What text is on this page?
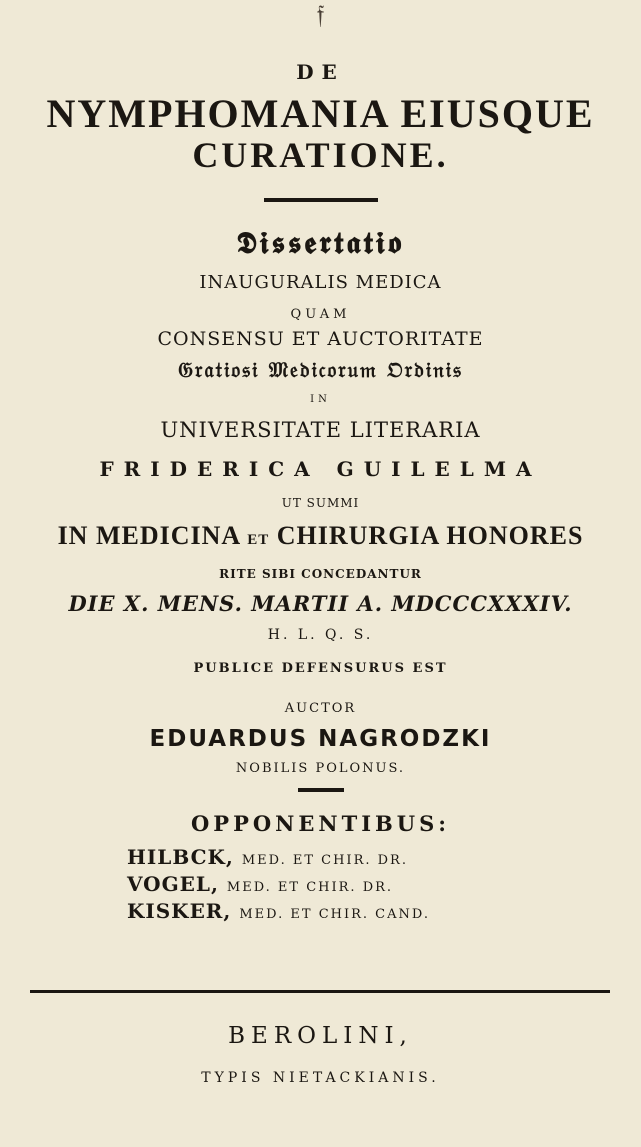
𝔣
DE
NYMPHOMANIA EIUSQUE
CURATIONE.
𝕯𝖎𝖘𝖘𝖊𝖗𝖙𝖆𝖙𝖎𝖔
INAUGURALIS MEDICA
QUAM
CONSENSU ET AUCTORITATE
𝔊𝔯𝔞𝔱𝔦𝔬𝔰𝔦 𝔐𝔢𝔡𝔦𝔠𝔬𝔯𝔲𝔪 𝔒𝔯𝔡𝔦𝔫𝔦𝔰
IN
UNIVERSITATE LITERARIA
FRIDERICA GUILELMA
UT SUMMI
IN MEDICINA ET CHIRURGIA HONORES
RITE SIBI CONCEDANTUR
DIE X. MENS. MARTII A. MDCCCXXXIV.
H. L. Q. S.
PUBLICE DEFENSURUS EST
AUCTOR
EDUARDUS NAGRODZKI
NOBILIS POLONUS.
OPPONENTIBUS:
HILBCK, MED. ET CHIR. DR.
VOGEL, MED. ET CHIR. DR.
KISKER, MED. ET CHIR. CAND.
BEROLINI,
TYPIS NIETACKIANIS.
